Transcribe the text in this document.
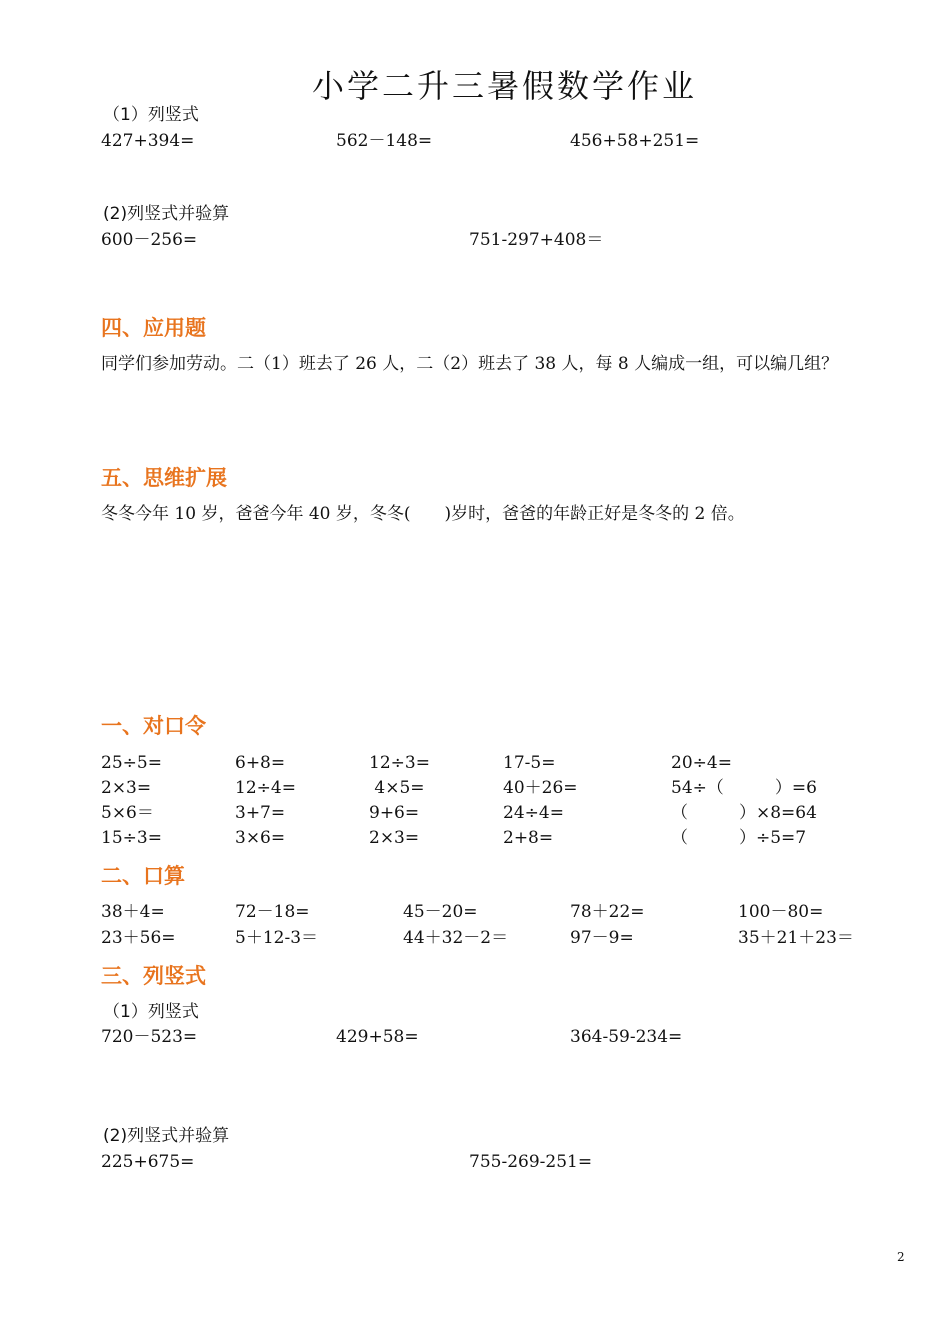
小学二升三暑假数学作业
（1）列竖式
427+394=	562－148=	456+58+251=
(2)列竖式并验算
600－256=	751-297+408＝
四、应用题
同学们参加劳动。二（1）班去了 26 人，二（2）班去了 38 人，每 8 人编成一组，可以编几组？
五、思维扩展
冬冬今年 10 岁，爸爸今年 40 岁，冬冬(　　)岁时，爸爸的年龄正好是冬冬的 2 倍。
一、对口令
25÷5=	6+8=	12÷3=	17-5=	20÷4=
2×3=	12÷4=	4×5=	40＋26=	54÷（　　　）=6
5×6＝	3+7=	9+6=	24÷4=	（　　　）×8=64
15÷3=	3×6=	2×3=	2+8=	（　　　）÷5=7
二、口算
38＋4=	72－18=	45－20=	78＋22=	100－80=
23＋56=	5＋12-3＝	44＋32－2＝	97－9=	35＋21＋23＝
三、列竖式
（1）列竖式
720－523=	429+58=	364-59-234=
(2)列竖式并验算
225+675=	755-269-251=
2
